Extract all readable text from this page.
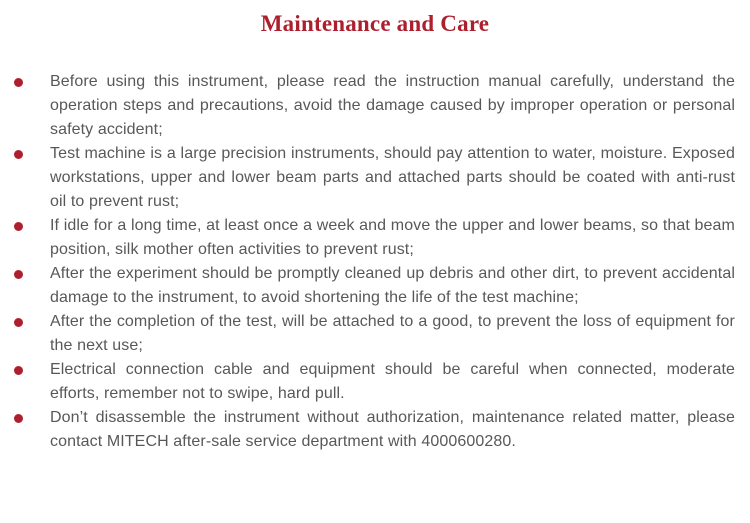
Maintenance and Care
Before using this instrument, please read the instruction manual carefully, understand the operation steps and precautions, avoid the damage caused by improper operation or personal safety accident;
Test machine is a large precision instruments, should pay attention to water, moisture. Exposed workstations, upper and lower beam parts and attached parts should be coated with anti-rust oil to prevent rust;
If idle for a long time, at least once a week and move the upper and lower beams, so that beam position, silk mother often activities to prevent rust;
After the experiment should be promptly cleaned up debris and other dirt, to prevent accidental damage to the instrument, to avoid shortening the life of the test machine;
After the completion of the test, will be attached to a good, to prevent the loss of equipment for the next use;
Electrical connection cable and equipment should be careful when connected, moderate efforts, remember not to swipe, hard pull.
Don’t disassemble the instrument without authorization, maintenance related matter, please contact MITECH after-sale service department with 4000600280.
